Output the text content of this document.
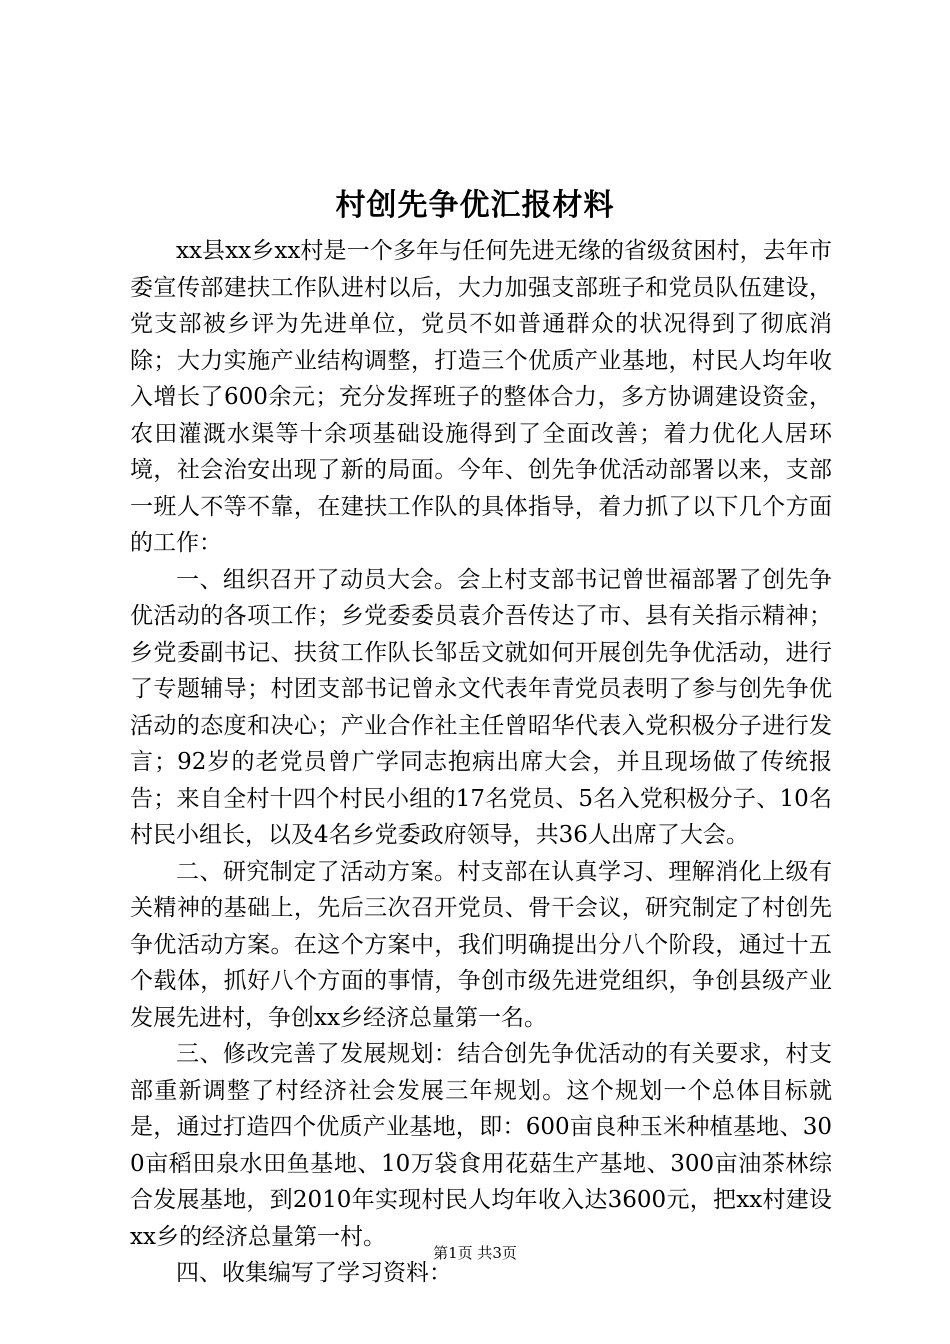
村创先争优汇报材料

xx县xx乡xx村是一个多年与任何先进无缘的省级贫困村，去年市委宣传部建扶工作队进村以后，大力加强支部班子和党员队伍建设，党支部被乡评为先进单位，党员不如普通群众的状况得到了彻底消除；大力实施产业结构调整，打造三个优质产业基地，村民人均年收入增长了600余元；充分发挥班子的整体合力，多方协调建设资金，农田灌溉水渠等十余项基础设施得到了全面改善；着力优化人居环境，社会治安出现了新的局面。今年、创先争优活动部署以来，支部一班人不等不靠，在建扶工作队的具体指导，着力抓了以下几个方面的工作：

一、组织召开了动员大会。会上村支部书记曾世福部署了创先争优活动的各项工作；乡党委委员袁介吾传达了市、县有关指示精神；乡党委副书记、扶贫工作队长邹岳文就如何开展创先争优活动，进行了专题辅导；村团支部书记曾永文代表年青党员表明了参与创先争优活动的态度和决心；产业合作社主任曾昭华代表入党积极分子进行发言；92岁的老党员曾广学同志抱病出席大会，并且现场做了传统报告；来自全村十四个村民小组的17名党员、5名入党积极分子、10名村民小组长，以及4名乡党委政府领导，共36人出席了大会。

二、研究制定了活动方案。村支部在认真学习、理解消化上级有关精神的基础上，先后三次召开党员、骨干会议，研究制定了村创先争优活动方案。在这个方案中，我们明确提出分八个阶段，通过十五个载体，抓好八个方面的事情，争创市级先进党组织，争创县级产业发展先进村，争创xx乡经济总量第一名。

三、修改完善了发展规划：结合创先争优活动的有关要求，村支部重新调整了村经济社会发展三年规划。这个规划一个总体目标就是，通过打造四个优质产业基地，即：600亩良种玉米种植基地、300亩稻田泉水田鱼基地、10万袋食用花菇生产基地、300亩油茶林综合发展基地，到2010年实现村民人均年收入达3600元，把xx村建设xx乡的经济总量第一村。

四、收集编写了学习资料：

第1页 共3页
